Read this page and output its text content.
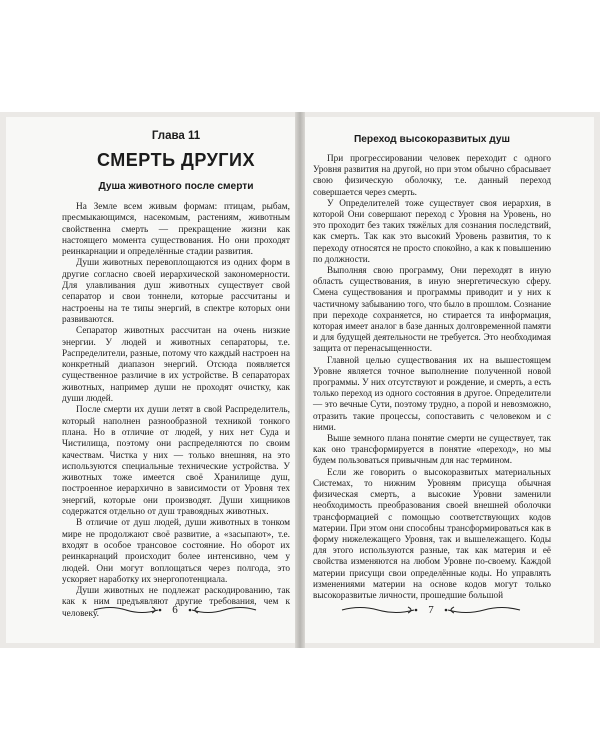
Глава 11
СМЕРТЬ ДРУГИХ
Душа животного после смерти

На Земле всем живым формам: птицам, рыбам, пресмыкающимся, насекомым, растениям, животным свойственна смерть — прекращение жизни как настоящего момента существования. Но они проходят реинкарнации и определённые стадии развития.

Души животных перевоплощаются из одних форм в другие согласно своей иерархической закономерности. Для улавливания душ животных существует свой сепаратор и свои тоннели, которые рассчитаны и настроены на те типы энергий, в спектре которых они развиваются.

Сепаратор животных рассчитан на очень низкие энергии. У людей и животных сепараторы, т.е. Распределители, разные, потому что каждый настроен на конкретный диапазон энергий. Отсюда появляется существенное различие в их устройстве. В сепараторах животных, например души не проходят очистку, как души людей.

После смерти их души летят в свой Распределитель, который наполнен разнообразной техникой тонкого плана. Но в отличие от людей, у них нет Суда и Чистилища, поэтому они распределяются по своим качествам. Чистка у них — только внешняя, на это используются специальные технические устройства. У животных тоже имеется своё Хранилище душ, построенное иерархично в зависимости от Уровня тех энергий, которые они производят. Души хищников содержатся отдельно от душ травоядных животных.

В отличие от душ людей, души животных в тонком мире не продолжают своё развитие, а «засыпают», т.е. входят в особое трансовое состояние. Но оборот их реинкарнаций происходит более интенсивно, чем у людей. Они могут воплощаться через полгода, это ускоряет наработку их энергопотенциала.

Души животных не подлежат раскодированию, так как к ним предъявляют другие требования, чем к человеку.

Переход высокоразвитых душ

При прогрессировании человек переходит с одного Уровня развития на другой, но при этом обычно сбрасывает свою физическую оболочку, т.е. данный переход совершается через смерть.

У Определителей тоже существует своя иерархия, в которой Они совершают переход с Уровня на Уровень, но это проходит без таких тяжёлых для сознания последствий, как смерть. Так как это высокий Уровень развития, то к переходу относятся не просто спокойно, а как к повышению по должности.

Выполняя свою программу, Они переходят в иную область существования, в иную энергетическую сферу. Смена существования и программы приводит и у них к частичному забыванию того, что было в прошлом. Сознание при переходе сохраняется, но стирается та информация, которая имеет аналог в базе данных долговременной памяти и для будущей деятельности не требуется. Это необходимая защита от перенасыщенности.

Главной целью существования их на вышестоящем Уровне является точное выполнение полученной новой программы. У них отсутствуют и рождение, и смерть, а есть только переход из одного состояния в другое. Определители — это вечные Сути, поэтому трудно, а порой и невозможно, отразить такие процессы, сопоставить с человеком и с ними.

Выше земного плана понятие смерти не существует, так как оно трансформируется в понятие «переход», но мы будем пользоваться привычным для нас термином.

Если же говорить о высокоразвитых материальных Системах, то нижним Уровням присуща обычная физическая смерть, а высокие Уровни заменили необходимость преобразования своей внешней оболочки трансформацией с помощью соответствующих кодов материи. При этом они способны трансформироваться как в форму нижележащего Уровня, так и вышележащего. Коды для этого используются разные, так как материя и её свойства изменяются на любом Уровне по-своему. Каждой материи присущи свои определённые коды. Но управлять изменениями материи на основе кодов могут только высокоразвитые личности, прошедшие большой

6	7
